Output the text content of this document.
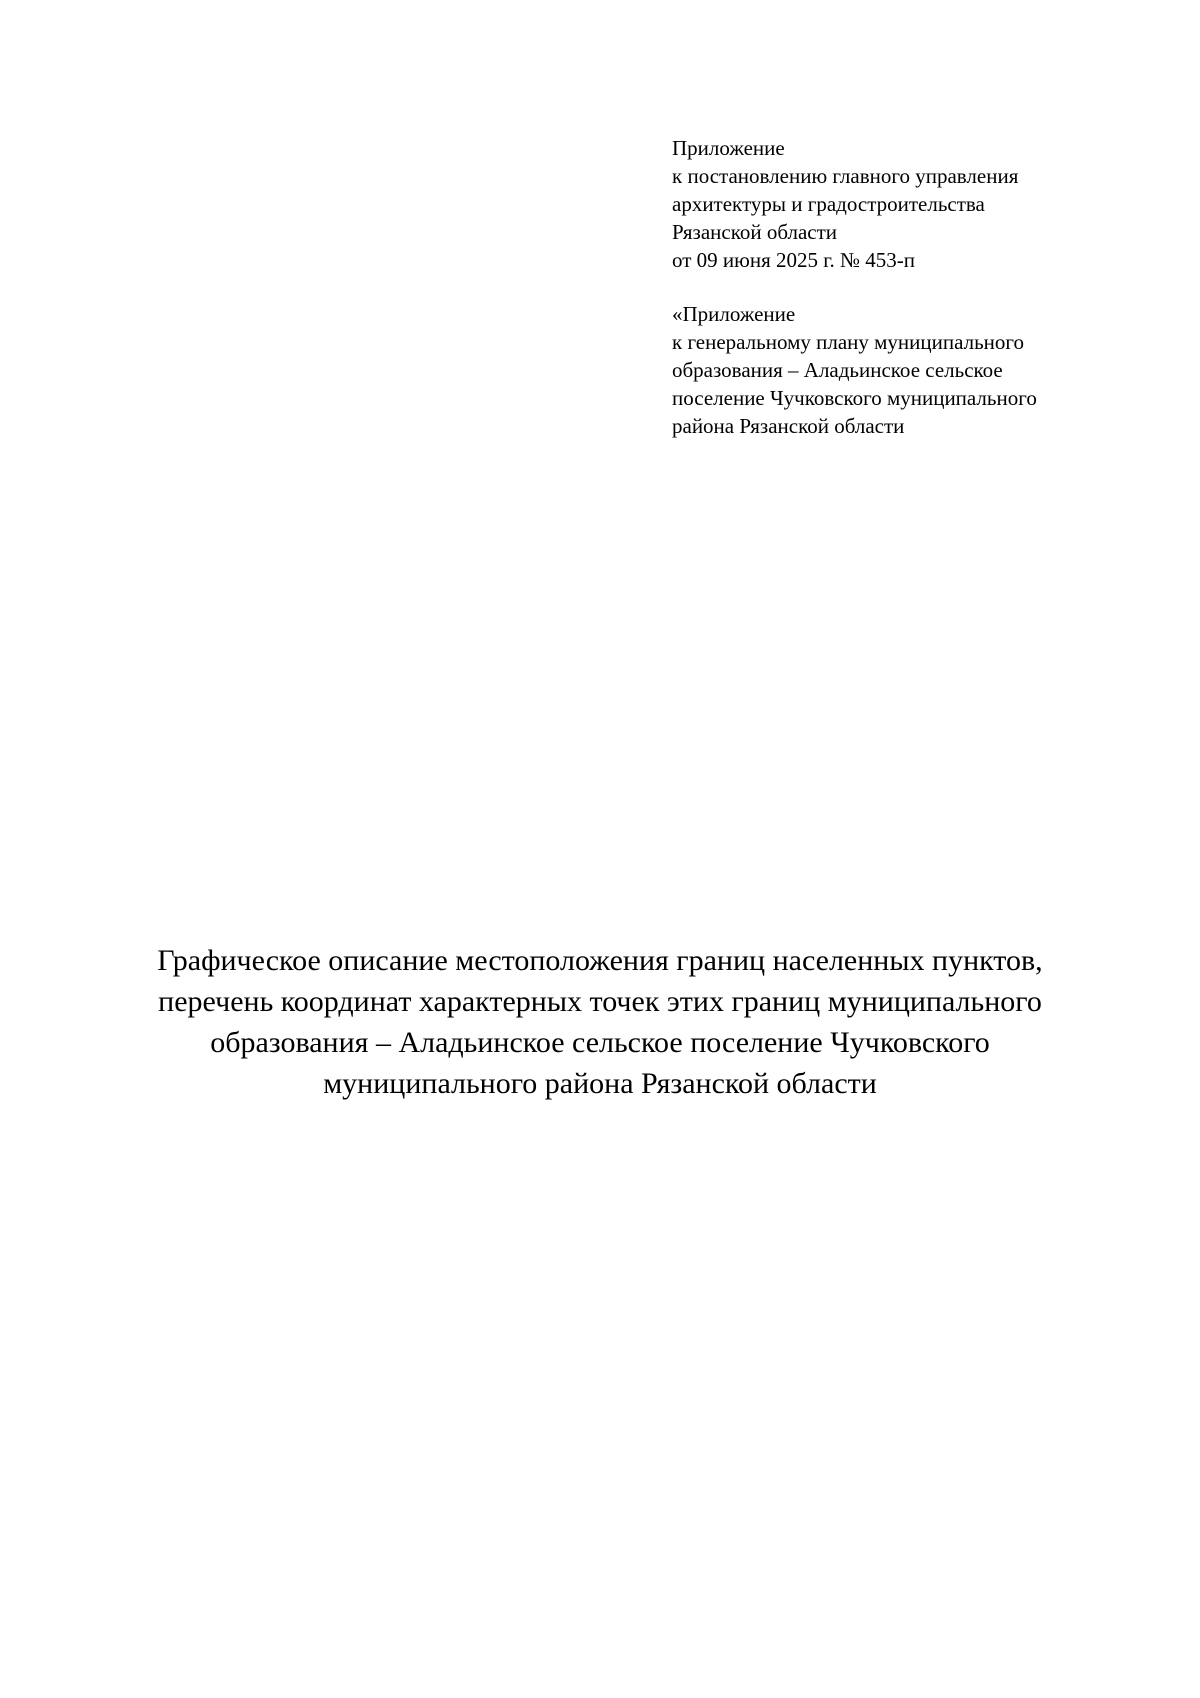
Приложение
к постановлению главного управления
архитектуры и градостроительства
Рязанской области
от 09 июня 2025 г. № 453-п
«Приложение
к генеральному плану муниципального
образования – Аладьинское сельское
поселение Чучковского муниципального
района Рязанской области
Графическое описание местоположения границ населенных пунктов,
перечень координат характерных точек этих границ муниципального
образования – Аладьинское сельское поселение Чучковского
муниципального района Рязанской области
